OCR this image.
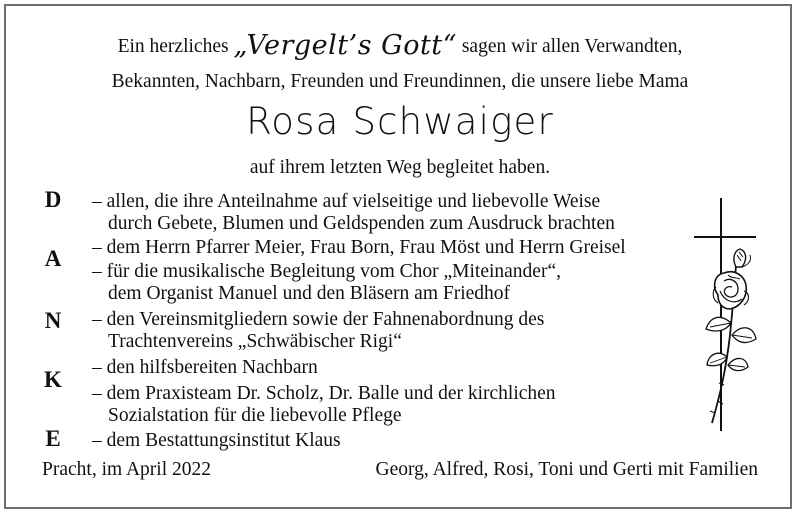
Ein herzliches „Vergelt’s Gott“ sagen wir allen Verwandten,
Bekannten, Nachbarn, Freunden und Freundinnen, die unsere liebe Mama
Rosa Schwaiger
auf ihrem letzten Weg begleitet haben.
D
A
N
K
E
– allen, die ihre Anteilnahme auf vielseitige und liebevolle Weise
durch Gebete, Blumen und Geldspenden zum Ausdruck brachten
– dem Herrn Pfarrer Meier, Frau Born, Frau Möst und Herrn Greisel
– für die musikalische Begleitung vom Chor „Miteinander“,
dem Organist Manuel und den Bläsern am Friedhof
– den Vereinsmitgliedern sowie der Fahnenabordnung des
Trachtenvereins „Schwäbischer Rigi“
– den hilfsbereiten Nachbarn
– dem Praxisteam Dr. Scholz, Dr. Balle und der kirchlichen
Sozialstation für die liebevolle Pflege
– dem Bestattungsinstitut Klaus
Pracht, im April 2022	Georg, Alfred, Rosi, Toni und Gerti mit Familien
